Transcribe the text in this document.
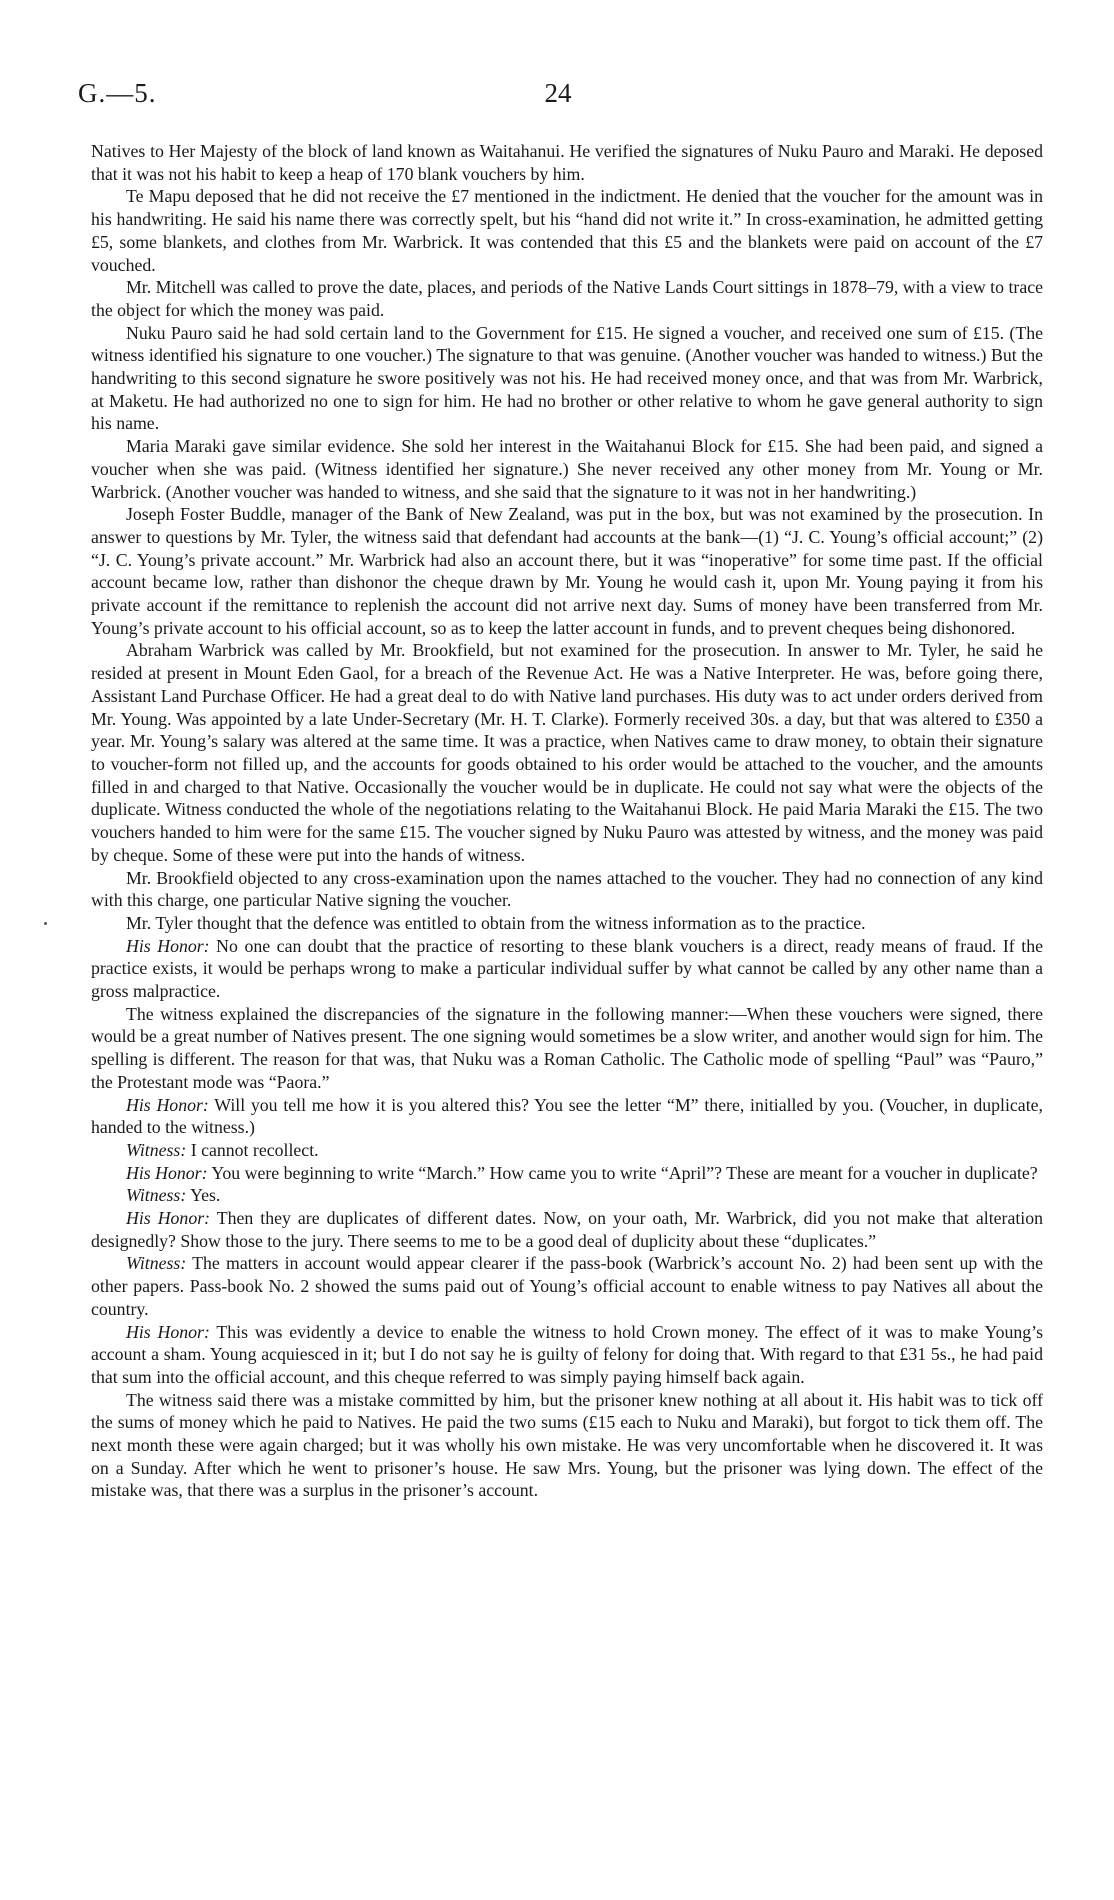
G.—5.	24

Natives to Her Majesty of the block of land known as Waitahanui. He verified the signatures of Nuku Pauro and Maraki. He deposed that it was not his habit to keep a heap of 170 blank vouchers by him.

Te Mapu deposed that he did not receive the £7 mentioned in the indictment. He denied that the voucher for the amount was in his handwriting. He said his name there was correctly spelt, but his “hand did not write it.” In cross-examination, he admitted getting £5, some blankets, and clothes from Mr. Warbrick. It was contended that this £5 and the blankets were paid on account of the £7 vouched.

Mr. Mitchell was called to prove the date, places, and periods of the Native Lands Court sittings in 1878–79, with a view to trace the object for which the money was paid.

Nuku Pauro said he had sold certain land to the Government for £15. He signed a voucher, and received one sum of £15. (The witness identified his signature to one voucher.) The signature to that was genuine. (Another voucher was handed to witness.) But the handwriting to this second signature he swore positively was not his. He had received money once, and that was from Mr. Warbrick, at Maketu. He had authorized no one to sign for him. He had no brother or other relative to whom he gave general authority to sign his name.

Maria Maraki gave similar evidence. She sold her interest in the Waitahanui Block for £15. She had been paid, and signed a voucher when she was paid. (Witness identified her signature.) She never received any other money from Mr. Young or Mr. Warbrick. (Another voucher was handed to witness, and she said that the signature to it was not in her handwriting.)

Joseph Foster Buddle, manager of the Bank of New Zealand, was put in the box, but was not examined by the prosecution. In answer to questions by Mr. Tyler, the witness said that defendant had accounts at the bank—(1) “J. C. Young’s official account;” (2) “J. C. Young’s private account.” Mr. Warbrick had also an account there, but it was “inoperative” for some time past. If the official account became low, rather than dishonor the cheque drawn by Mr. Young he would cash it, upon Mr. Young paying it from his private account if the remittance to replenish the account did not arrive next day. Sums of money have been transferred from Mr. Young’s private account to his official account, so as to keep the latter account in funds, and to prevent cheques being dishonored.

Abraham Warbrick was called by Mr. Brookfield, but not examined for the prosecution. In answer to Mr. Tyler, he said he resided at present in Mount Eden Gaol, for a breach of the Revenue Act. He was a Native Interpreter. He was, before going there, Assistant Land Purchase Officer. He had a great deal to do with Native land purchases. His duty was to act under orders derived from Mr. Young. Was appointed by a late Under-Secretary (Mr. H. T. Clarke). Formerly received 30s. a day, but that was altered to £350 a year. Mr. Young’s salary was altered at the same time. It was a practice, when Natives came to draw money, to obtain their signature to voucher-form not filled up, and the accounts for goods obtained to his order would be attached to the voucher, and the amounts filled in and charged to that Native. Occasionally the voucher would be in duplicate. He could not say what were the objects of the duplicate. Witness conducted the whole of the negotiations relating to the Waitahanui Block. He paid Maria Maraki the £15. The two vouchers handed to him were for the same £15. The voucher signed by Nuku Pauro was attested by witness, and the money was paid by cheque. Some of these were put into the hands of witness.

Mr. Brookfield objected to any cross-examination upon the names attached to the voucher. They had no connection of any kind with this charge, one particular Native signing the voucher.

Mr. Tyler thought that the defence was entitled to obtain from the witness information as to the practice.

His Honor: No one can doubt that the practice of resorting to these blank vouchers is a direct, ready means of fraud. If the practice exists, it would be perhaps wrong to make a particular individual suffer by what cannot be called by any other name than a gross malpractice.

The witness explained the discrepancies of the signature in the following manner:—When these vouchers were signed, there would be a great number of Natives present. The one signing would sometimes be a slow writer, and another would sign for him. The spelling is different. The reason for that was, that Nuku was a Roman Catholic. The Catholic mode of spelling “Paul” was “Pauro,” the Protestant mode was “Paora.”

His Honor: Will you tell me how it is you altered this? You see the letter “M” there, initialled by you. (Voucher, in duplicate, handed to the witness.)

Witness: I cannot recollect.

His Honor: You were beginning to write “March.” How came you to write “April”? These are meant for a voucher in duplicate?

Witness: Yes.

His Honor: Then they are duplicates of different dates. Now, on your oath, Mr. Warbrick, did you not make that alteration designedly? Show those to the jury. There seems to me to be a good deal of duplicity about these “duplicates.”

Witness: The matters in account would appear clearer if the pass-book (Warbrick’s account No. 2) had been sent up with the other papers. Pass-book No. 2 showed the sums paid out of Young’s official account to enable witness to pay Natives all about the country.

His Honor: This was evidently a device to enable the witness to hold Crown money. The effect of it was to make Young’s account a sham. Young acquiesced in it; but I do not say he is guilty of felony for doing that. With regard to that £31 5s., he had paid that sum into the official account, and this cheque referred to was simply paying himself back again.

The witness said there was a mistake committed by him, but the prisoner knew nothing at all about it. His habit was to tick off the sums of money which he paid to Natives. He paid the two sums (£15 each to Nuku and Maraki), but forgot to tick them off. The next month these were again charged; but it was wholly his own mistake. He was very uncomfortable when he discovered it. It was on a Sunday. After which he went to prisoner’s house. He saw Mrs. Young, but the prisoner was lying down. The effect of the mistake was, that there was a surplus in the prisoner’s account.
